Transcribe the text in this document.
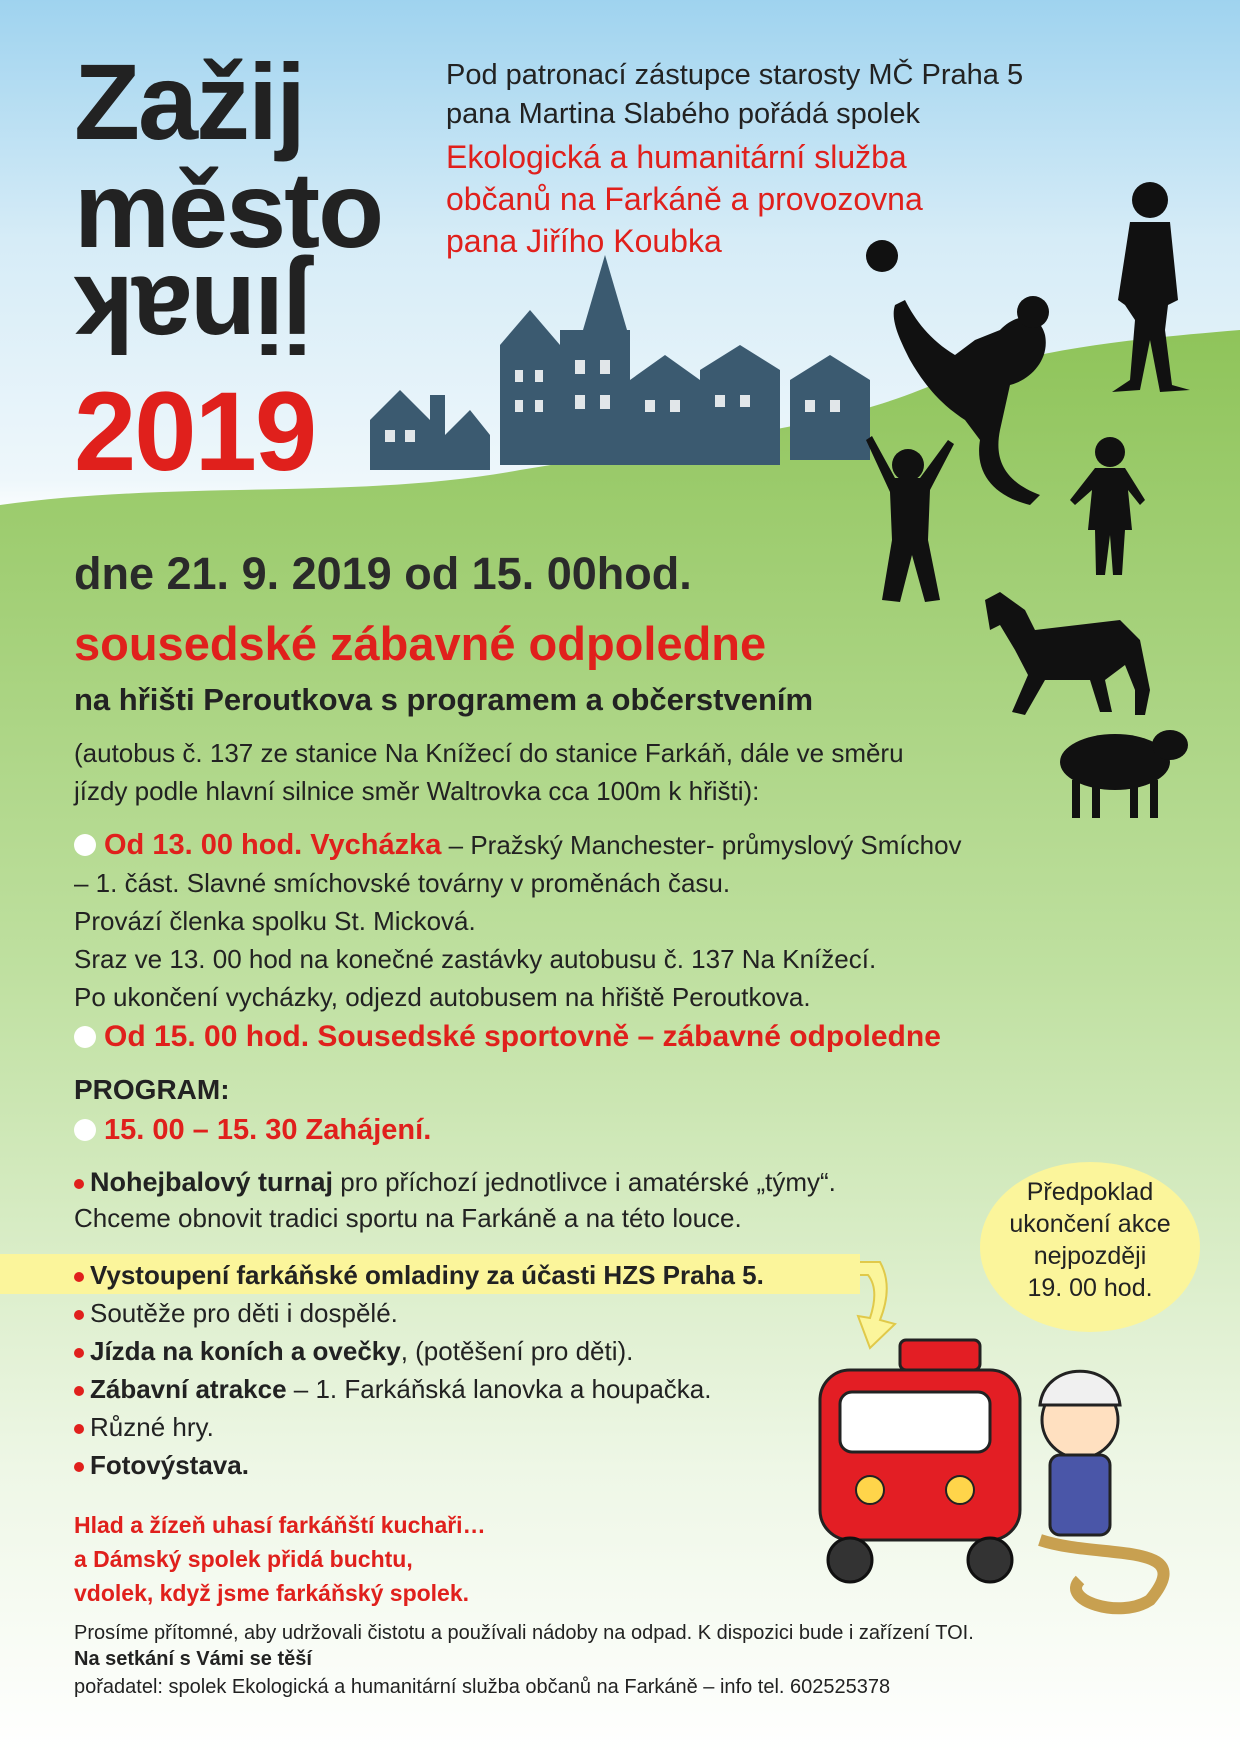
Zažij
město
jinak
2019
Pod patronací zástupce starosty MČ Praha 5
pana Martina Slabého pořádá spolek
Ekologická a humanitární služba
občanů na Farkáně a provozovna
pana Jiřího Koubka
dne 21. 9. 2019 od 15. 00hod.
sousedské zábavné odpoledne
na hřišti Peroutkova s programem a občerstvením
(autobus č. 137 ze stanice Na Knížecí do stanice Farkáň, dále ve směru
jízdy podle hlavní silnice směr Waltrovka cca 100m k hřišti):
Od 13. 00 hod. Vycházka – Pražský Manchester- průmyslový Smíchov
– 1. část. Slavné smíchovské továrny v proměnách času.
Provází členka spolku St. Micková.
Sraz ve 13. 00 hod na konečné zastávky autobusu č. 137 Na Knížecí.
Po ukončení vycházky, odjezd autobusem na hřiště Peroutkova.
Od 15. 00 hod. Sousedské sportovně – zábavné odpoledne
PROGRAM:
15. 00 – 15. 30 Zahájení.
Nohejbalový turnaj pro příchozí jednotlivce i amatérské „týmy“.
Chceme obnovit tradici sportu na Farkáně a na této louce.
Vystoupení farkáňské omladiny za účasti HZS Praha 5.
Soutěže pro děti i dospělé.
Jízda na koních a ovečky, (potěšení pro děti).
Zábavní atrakce – 1. Farkáňská lanovka a houpačka.
Různé hry.
Fotovýstava.
Předpoklad
ukončení akce
nejpozději
19. 00 hod.
Hlad a žízeň uhasí farkáňští kuchaři…
a Dámský spolek přidá buchtu,
vdolek, když jsme farkáňský spolek.
Prosíme přítomné, aby udržovali čistotu a používali nádoby na odpad. K dispozici bude i zařízení TOI.
Na setkání s Vámi se těší
pořadatel: spolek Ekologická a humanitární služba občanů na Farkáně – info tel. 602525378
